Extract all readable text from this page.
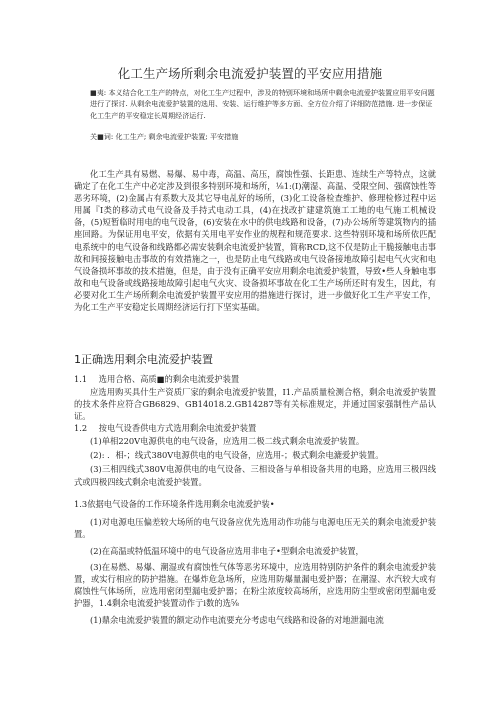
化工生产场所剩余电流爱护装置的平安应用措施
■夷: 本义结合化工生产的特点，对化工生产过程中，涉及的特别环境和场所中剩余电流爱护装置应用平安问题进行了探讨. 从剩余电流爱护装置的选用、安装、运行维护等多方面、全方位介绍了详细防范措施. 进一步保证化工生产的平安稳定长周期经济运行.
关■词: 化工生产; 剩余电流爱护装置; 平安措施

化工生产具有易燃、易爆、易中毒，高温、高压，腐蚀性强、长距患、连续生产等特点，这就确定了在化工生产中必定涉及到很多特别环境和场所，⅛1:(I)潮湿、高温、受限空间、强腐蚀性等恶劣环境，(2)金属占有系数大及其它导电乩好的场所，(3)化工设备检查维护、修理检修过程中运用属『I类的移动式电气设备及手持式电动工具，(4)在找改扩建建筑施工工地的电气施工机械设备，(5)短暂临时用电的电气设备，(6)安装在水中的供电线路和设备，(7)办公场所等建筑物内的插座回路。为保证用电平安，依据有关用电平安作业的规程和规范要求. 这些特别环境和场所依匹配电系统中的电气设备和线路都必需安装剩余电流爱护装置，简称RCD,这不仅是防止干脆接触电击事故和间接接触电击事故的有效措施之一，也是防止电气线路或电气设备接地故障引起电气火灾和电气设备损坏事故的技术措施，但是，由于没有正确平安应用剩余电流爱护装置，导致•些人身触电事故和电气设备或线路接地故障引起电气火灾、设备损坏事故在化工生产场所还时有发生，因此，有必要对化工生产场所剩余电流爱护装置平安应用的措施进行探讨，进一步做好化工生产平安工作，为化工生产平安稳定长周期经济运行打下坚实基础。

1正确选用剩余电流爱护装置
1.1 选用合格、高质■的剩余电流爱护装置

应选用购买具什生产资质厂家的剩余电流爱护装置，I1.产品质量检测合格，剩余电流爱护装置的技术条件应符合GB6829、GB14018.2.GB14287等有关标准规定，并通过国家强制性产品认证。

1.2 按电气设香供电方式选用剩余电流爱护装置

(1)单相220V电源供电的电气设备，应选用二极二线式剩余电流爱护装置。

(2): ．相-；线式380V电源供电的电气设备，应选用-；极式剩余电漉爱护装置。

(3)三相四线式380V电源供电的电气设备、三相设备与单相设备共用的电路，应选用三极四线式或四极四线式剩余电流爱护装置。

1.3依据电气设备的工作环境条件选用剩余电流爱护装•

(1)对电源电压偏差较大场所的电气设备应优先选用动作功能与电源电压无关的剩余电流爱护装置。

(2)在高温或特低温环境中的电气设备应选用非电子•型剩余电流爱护装置，

(3)在易燃、易爆、潮湿或有腐蚀性气体等恶劣环境中，应选用特别防护条件的剩余电流爱护装置，或实行相应的防护措施。在爆炸危急场所，应选用防爆量漏电爱护器；在潮湿、水汽较大或有腐蚀性气体场所，应选用密闭型漏电爱护器；在粉尘浓度较高场所，应选用防尘型或密闭型漏电爱护器，1.4剩余电流爱护装置动作亍ⅰ数的选⅝

(1)鼎余电流爱护装置的额定动作电流要充分考虑电气线路和设备的对地泄漏电流
